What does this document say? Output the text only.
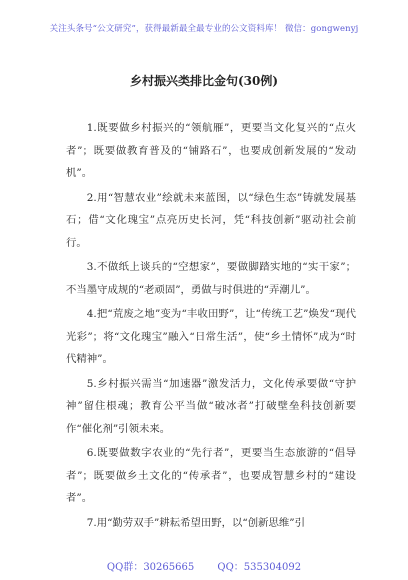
关注头条号“公文研究”，获得最新最全最专业的公文资料库！ 微信：gongwenyj
乡村振兴类排比金句(30例)

1.既要做乡村振兴的“领航雁”，更要当文化复兴的“点火者”；既要做教育普及的“铺路石”，也要成创新发展的“发动机”。

2.用“智慧农业”绘就未来蓝图，以“绿色生态”铸就发展基石；借“文化瑰宝”点亮历史长河，凭“科技创新”驱动社会前行。

3.不做纸上谈兵的“空想家”，要做脚踏实地的“实干家”；不当墨守成规的“老顽固”，勇做与时俱进的“弄潮儿”。

4.把“荒废之地”变为“丰收田野”，让“传统工艺”焕发“现代光彩”；将“文化瑰宝”融入“日常生活”，使“乡土情怀”成为“时代精神”。

5.乡村振兴需当“加速器”激发活力，文化传承要做“守护神”留住根魂；教育公平当做“破冰者”打破壁垒科技创新要作“催化剂”引领未来。

6.既要做数字农业的“先行者”，更要当生态旅游的“倡导者”；既要做乡土文化的“传承者”，也要成智慧乡村的“建设者”。

7.用“勤劳双手”耕耘希望田野，以“创新思维”引

QQ群：30265665 QQ：535304092
